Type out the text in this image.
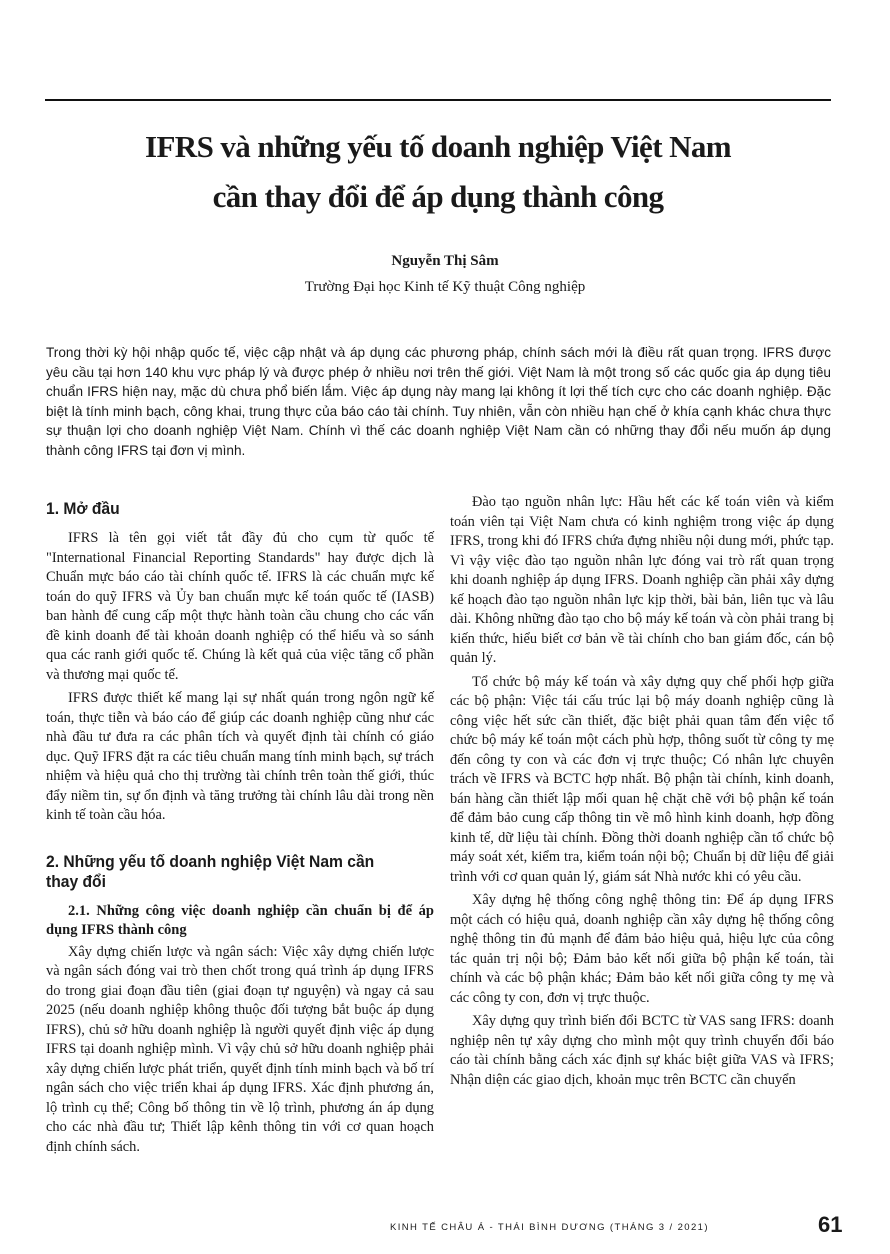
IFRS và những yếu tố doanh nghiệp Việt Nam
cần thay đổi để áp dụng thành công
Nguyễn Thị Sâm
Trường Đại học Kinh tế Kỹ thuật Công nghiệp

Trong thời kỳ hội nhập quốc tế, việc cập nhật và áp dụng các phương pháp, chính sách mới là điều rất quan trọng. IFRS được yêu cầu tại hơn 140 khu vực pháp lý và được phép ở nhiều nơi trên thế giới. Việt Nam là một trong số các quốc gia áp dụng tiêu chuẩn IFRS hiện nay, mặc dù chưa phổ biến lắm. Việc áp dụng này mang lại không ít lợi thế tích cực cho các doanh nghiệp. Đặc biệt là tính minh bạch, công khai, trung thực của báo cáo tài chính. Tuy nhiên, vẫn còn nhiều hạn chế ở khía cạnh khác chưa thực sự thuận lợi cho doanh nghiệp Việt Nam. Chính vì thế các doanh nghiệp Việt Nam cần có những thay đổi nếu muốn áp dụng thành công IFRS tại đơn vị mình.

1. Mở đầu

IFRS là tên gọi viết tắt đầy đủ cho cụm từ quốc tế "International Financial Reporting Standards" hay được dịch là Chuẩn mực báo cáo tài chính quốc tế. IFRS là các chuẩn mực kế toán do quỹ IFRS và Ủy ban chuẩn mực kế toán quốc tế (IASB) ban hành để cung cấp một thực hành toàn cầu chung cho các vấn đề kinh doanh để tài khoản doanh nghiệp có thể hiểu và so sánh qua các ranh giới quốc tế. Chúng là kết quả của việc tăng cổ phần và thương mại quốc tế.

IFRS được thiết kế mang lại sự nhất quán trong ngôn ngữ kế toán, thực tiễn và báo cáo để giúp các doanh nghiệp cũng như các nhà đầu tư đưa ra các phân tích và quyết định tài chính có giáo dục. Quỹ IFRS đặt ra các tiêu chuẩn mang tính minh bạch, sự trách nhiệm và hiệu quả cho thị trường tài chính trên toàn thế giới, thúc đẩy niềm tin, sự ổn định và tăng trưởng tài chính lâu dài trong nền kinh tế toàn cầu hóa.

2. Những yếu tố doanh nghiệp Việt Nam cần thay đổi
2.1. Những công việc doanh nghiệp cần chuẩn bị để áp dụng IFRS thành công

Xây dựng chiến lược và ngân sách: Việc xây dựng chiến lược và ngân sách đóng vai trò then chốt trong quá trình áp dụng IFRS do trong giai đoạn đầu tiên (giai đoạn tự nguyện) và ngay cả sau 2025 (nếu doanh nghiệp không thuộc đối tượng bắt buộc áp dụng IFRS), chủ sở hữu doanh nghiệp là người quyết định việc áp dụng IFRS tại doanh nghiệp mình. Vì vậy chủ sở hữu doanh nghiệp phải xây dựng chiến lược phát triển, quyết định tính minh bạch và bố trí ngân sách cho việc triển khai áp dụng IFRS. Xác định phương án, lộ trình cụ thể; Công bố thông tin về lộ trình, phương án áp dụng cho các nhà đầu tư; Thiết lập kênh thông tin với cơ quan hoạch định chính sách.

Đào tạo nguồn nhân lực: Hầu hết các kế toán viên và kiểm toán viên tại Việt Nam chưa có kinh nghiệm trong việc áp dụng IFRS, trong khi đó IFRS chứa đựng nhiều nội dung mới, phức tạp. Vì vậy việc đào tạo nguồn nhân lực đóng vai trò rất quan trọng khi doanh nghiệp áp dụng IFRS. Doanh nghiệp cần phải xây dựng kế hoạch đào tạo nguồn nhân lực kịp thời, bài bản, liên tục và lâu dài. Không những đào tạo cho bộ máy kế toán và còn phải trang bị kiến thức, hiểu biết cơ bản về tài chính cho ban giám đốc, cán bộ quản lý.

Tổ chức bộ máy kế toán và xây dựng quy chế phối hợp giữa các bộ phận: Việc tái cấu trúc lại bộ máy doanh nghiệp cũng là công việc hết sức cần thiết, đặc biệt phải quan tâm đến việc tổ chức bộ máy kế toán một cách phù hợp, thông suốt từ công ty mẹ đến công ty con và các đơn vị trực thuộc; Có nhân lực chuyên trách về IFRS và BCTC hợp nhất. Bộ phận tài chính, kinh doanh, bán hàng cần thiết lập mối quan hệ chặt chẽ với bộ phận kế toán để đảm bảo cung cấp thông tin về mô hình kinh doanh, hợp đồng kinh tế, dữ liệu tài chính. Đồng thời doanh nghiệp cần tổ chức bộ máy soát xét, kiểm tra, kiểm toán nội bộ; Chuẩn bị dữ liệu để giải trình với cơ quan quản lý, giám sát Nhà nước khi có yêu cầu.

Xây dựng hệ thống công nghệ thông tin: Để áp dụng IFRS một cách có hiệu quả, doanh nghiệp cần xây dựng hệ thống công nghệ thông tin đủ mạnh để đảm bảo hiệu quả, hiệu lực của công tác quản trị nội bộ; Đảm bảo kết nối giữa bộ phận kế toán, tài chính và các bộ phận khác; Đảm bảo kết nối giữa công ty mẹ và các công ty con, đơn vị trực thuộc.

Xây dựng quy trình biến đổi BCTC từ VAS sang IFRS: doanh nghiệp nên tự xây dựng cho mình một quy trình chuyển đổi báo cáo tài chính bằng cách xác định sự khác biệt giữa VAS và IFRS; Nhận diện các giao dịch, khoản mục trên BCTC cần chuyển

KINH TẾ CHÂU Á - THÁI BÌNH DƯƠNG (THÁNG 3 / 2021)	61
